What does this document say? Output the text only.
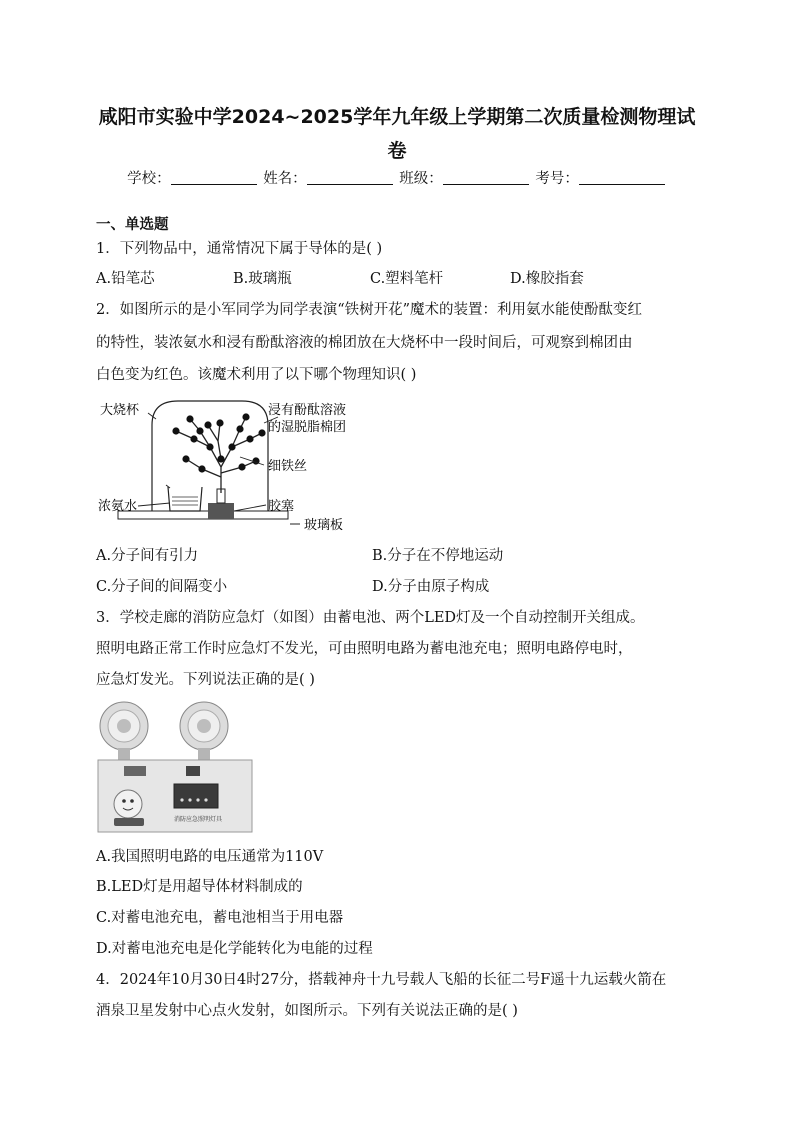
咸阳市实验中学2024~2025学年九年级上学期第二次质量检测物理试
卷
学校：	姓名：	班级：	考号：
一、单选题
1．下列物品中，通常情况下属于导体的是( )
A.铅笔芯	B.玻璃瓶	C.塑料笔杆	D.橡胶指套
2．如图所示的是小军同学为同学表演“铁树开花”魔术的装置：利用氨水能使酚酞变红
的特性，装浓氨水和浸有酚酞溶液的棉团放在大烧杯中一段时间后，可观察到棉团由
白色变为红色。该魔术利用了以下哪个物理知识( )
大烧杯	浸有酚酞溶液
的湿脱脂棉团
细铁丝
浓氨水	胶塞
玻璃板
A.分子间有引力	B.分子在不停地运动
C.分子间的间隔变小	D.分子由原子构成
3．学校走廊的消防应急灯（如图）由蓄电池、两个LED灯及一个自动控制开关组成。
照明电路正常工作时应急灯不发光，可由照明电路为蓄电池充电；照明电路停电时，
应急灯发光。下列说法正确的是( )
消防应急照明灯具
A.我国照明电路的电压通常为110V
B.LED灯是用超导体材料制成的
C.对蓄电池充电，蓄电池相当于用电器
D.对蓄电池充电是化学能转化为电能的过程
4．2024年10月30日4时27分，搭载神舟十九号载人飞船的长征二号F遥十九运载火箭在
酒泉卫星发射中心点火发射，如图所示。下列有关说法正确的是( )
